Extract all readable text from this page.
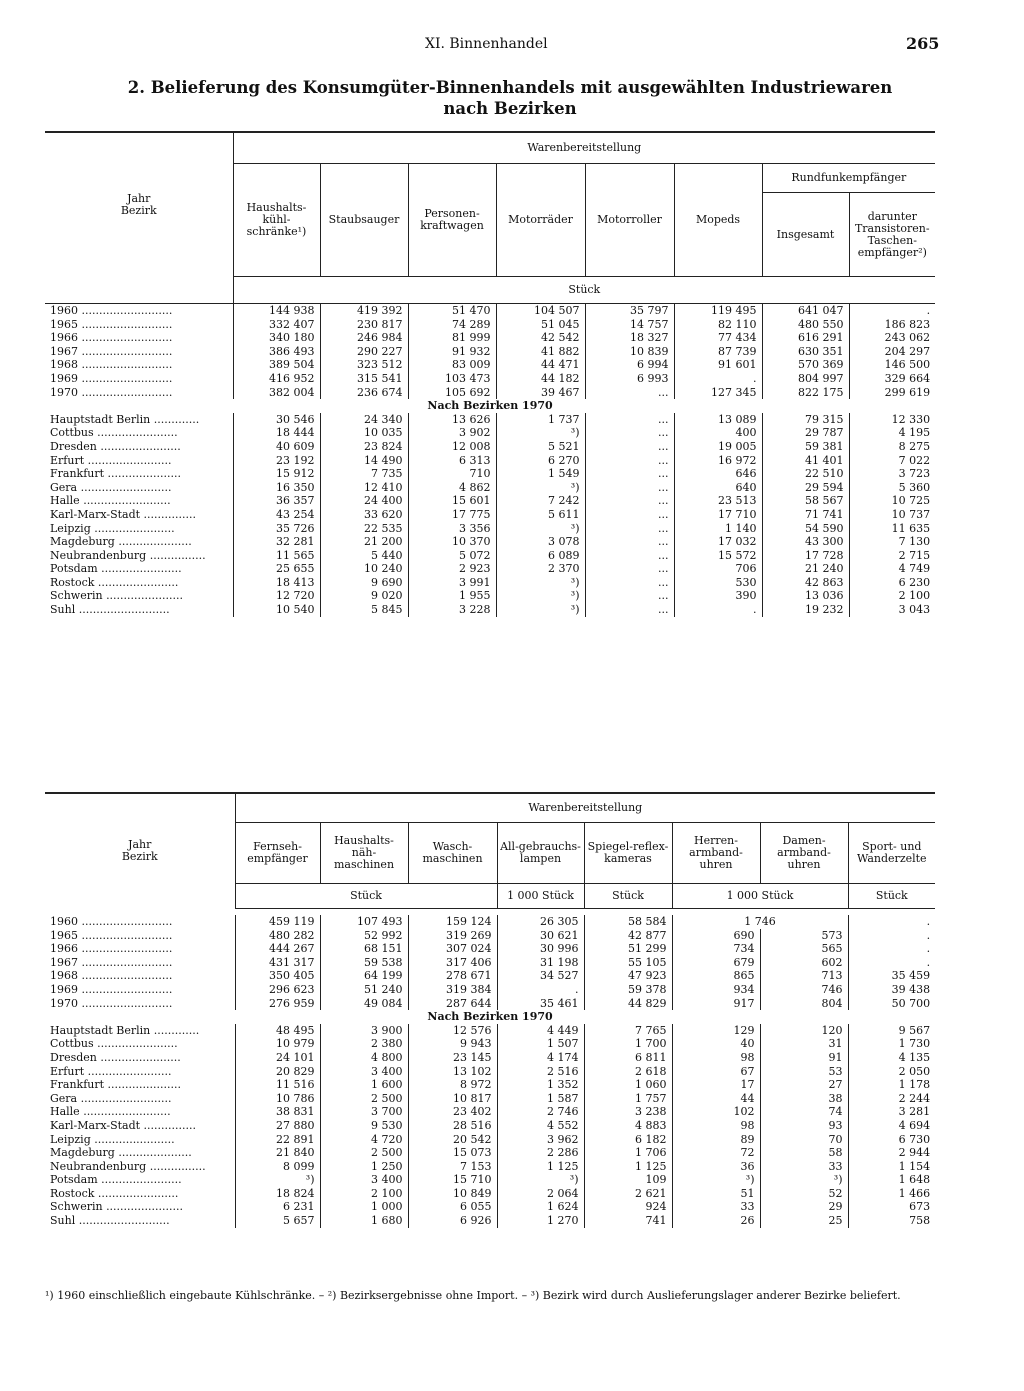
XI. Binnenhandel	265
2. Belieferung des Konsumgüter-Binnenhandels mit ausgewählten Industriewaren
nach Bezirken
Jahr
Bezirk	Warenbereitstellung							
	Haushalts-kühl-schränke¹)	Staubsauger	Personen-kraftwagen	Motorräder	Motorroller	Mopeds	Rundfunkempfänger	
							Insgesamt	darunter Transistoren-Taschen-empfänger²)
	Stück							
1960 ..........................	144 938	419 392	51 470	104 507	35 797	119 495	641 047	.
1965 ..........................	332 407	230 817	74 289	51 045	14 757	82 110	480 550	186 823
1966 ..........................	340 180	246 984	81 999	42 542	18 327	77 434	616 291	243 062
1967 ..........................	386 493	290 227	91 932	41 882	10 839	87 739	630 351	204 297
1968 ..........................	389 504	323 512	83 009	44 471	6 994	91 601	570 369	146 500
1969 ..........................	416 952	315 541	103 473	44 182	6 993	.	804 997	329 664
1970 ..........................	382 004	236 674	105 692	39 467	...	127 345	822 175	299 619
Nach Bezirken 1970								
Hauptstadt Berlin .............	30 546	24 340	13 626	1 737	...	13 089	79 315	12 330
Cottbus .......................	18 444	10 035	3 902	³)	...	400	29 787	4 195
Dresden .......................	40 609	23 824	12 008	5 521	...	19 005	59 381	8 275
Erfurt ........................	23 192	14 490	6 313	6 270	...	16 972	41 401	7 022
Frankfurt .....................	15 912	7 735	710	1 549	...	646	22 510	3 723
Gera ..........................	16 350	12 410	4 862	³)	...	640	29 594	5 360
Halle .........................	36 357	24 400	15 601	7 242	...	23 513	58 567	10 725
Karl-Marx-Stadt ...............	43 254	33 620	17 775	5 611	...	17 710	71 741	10 737
Leipzig .......................	35 726	22 535	3 356	³)	...	1 140	54 590	11 635
Magdeburg .....................	32 281	21 200	10 370	3 078	...	17 032	43 300	7 130
Neubrandenburg ................	11 565	5 440	5 072	6 089	...	15 572	17 728	2 715
Potsdam .......................	25 655	10 240	2 923	2 370	...	706	21 240	4 749
Rostock .......................	18 413	9 690	3 991	³)	...	530	42 863	6 230
Schwerin ......................	12 720	9 020	1 955	³)	...	390	13 036	2 100
Suhl ..........................	10 540	5 845	3 228	³)	...	.	19 232	3 043
Jahr
Bezirk	Warenbereitstellung							
	Fernseh-empfänger	Haushalts-näh-maschinen	Wasch-maschinen	All-gebrauchs-lampen	Spiegel-reflex-kameras	Herren-armband-uhren	Damen-armband-uhren	Sport- und Wanderzelte
	Stück			1 000 Stück	Stück	1 000 Stück		Stück

1960 ..........................	459 119	107 493	159 124	26 305	58 584	1 746		.
1965 ..........................	480 282	52 992	319 269	30 621	42 877	690	573	.
1966 ..........................	444 267	68 151	307 024	30 996	51 299	734	565	.
1967 ..........................	431 317	59 538	317 406	31 198	55 105	679	602	.
1968 ..........................	350 405	64 199	278 671	34 527	47 923	865	713	35 459
1969 ..........................	296 623	51 240	319 384	.	59 378	934	746	39 438
1970 ..........................	276 959	49 084	287 644	35 461	44 829	917	804	50 700
Nach Bezirken 1970								
Hauptstadt Berlin .............	48 495	3 900	12 576	4 449	7 765	129	120	9 567
Cottbus .......................	10 979	2 380	9 943	1 507	1 700	40	31	1 730
Dresden .......................	24 101	4 800	23 145	4 174	6 811	98	91	4 135
Erfurt ........................	20 829	3 400	13 102	2 516	2 618	67	53	2 050
Frankfurt .....................	11 516	1 600	8 972	1 352	1 060	17	27	1 178
Gera ..........................	10 786	2 500	10 817	1 587	1 757	44	38	2 244
Halle .........................	38 831	3 700	23 402	2 746	3 238	102	74	3 281
Karl-Marx-Stadt ...............	27 880	9 530	28 516	4 552	4 883	98	93	4 694
Leipzig .......................	22 891	4 720	20 542	3 962	6 182	89	70	6 730
Magdeburg .....................	21 840	2 500	15 073	2 286	1 706	72	58	2 944
Neubrandenburg ................	8 099	1 250	7 153	1 125	1 125	36	33	1 154
Potsdam .......................	³)	3 400	15 710	³)	109	³)	³)	1 648
Rostock .......................	18 824	2 100	10 849	2 064	2 621	51	52	1 466
Schwerin ......................	6 231	1 000	6 055	1 624	924	33	29	673
Suhl ..........................	5 657	1 680	6 926	1 270	741	26	25	758
¹) 1960 einschließlich eingebaute Kühlschränke. – ²) Bezirksergebnisse ohne Import. – ³) Bezirk wird durch Auslieferungslager anderer Bezirke beliefert.
